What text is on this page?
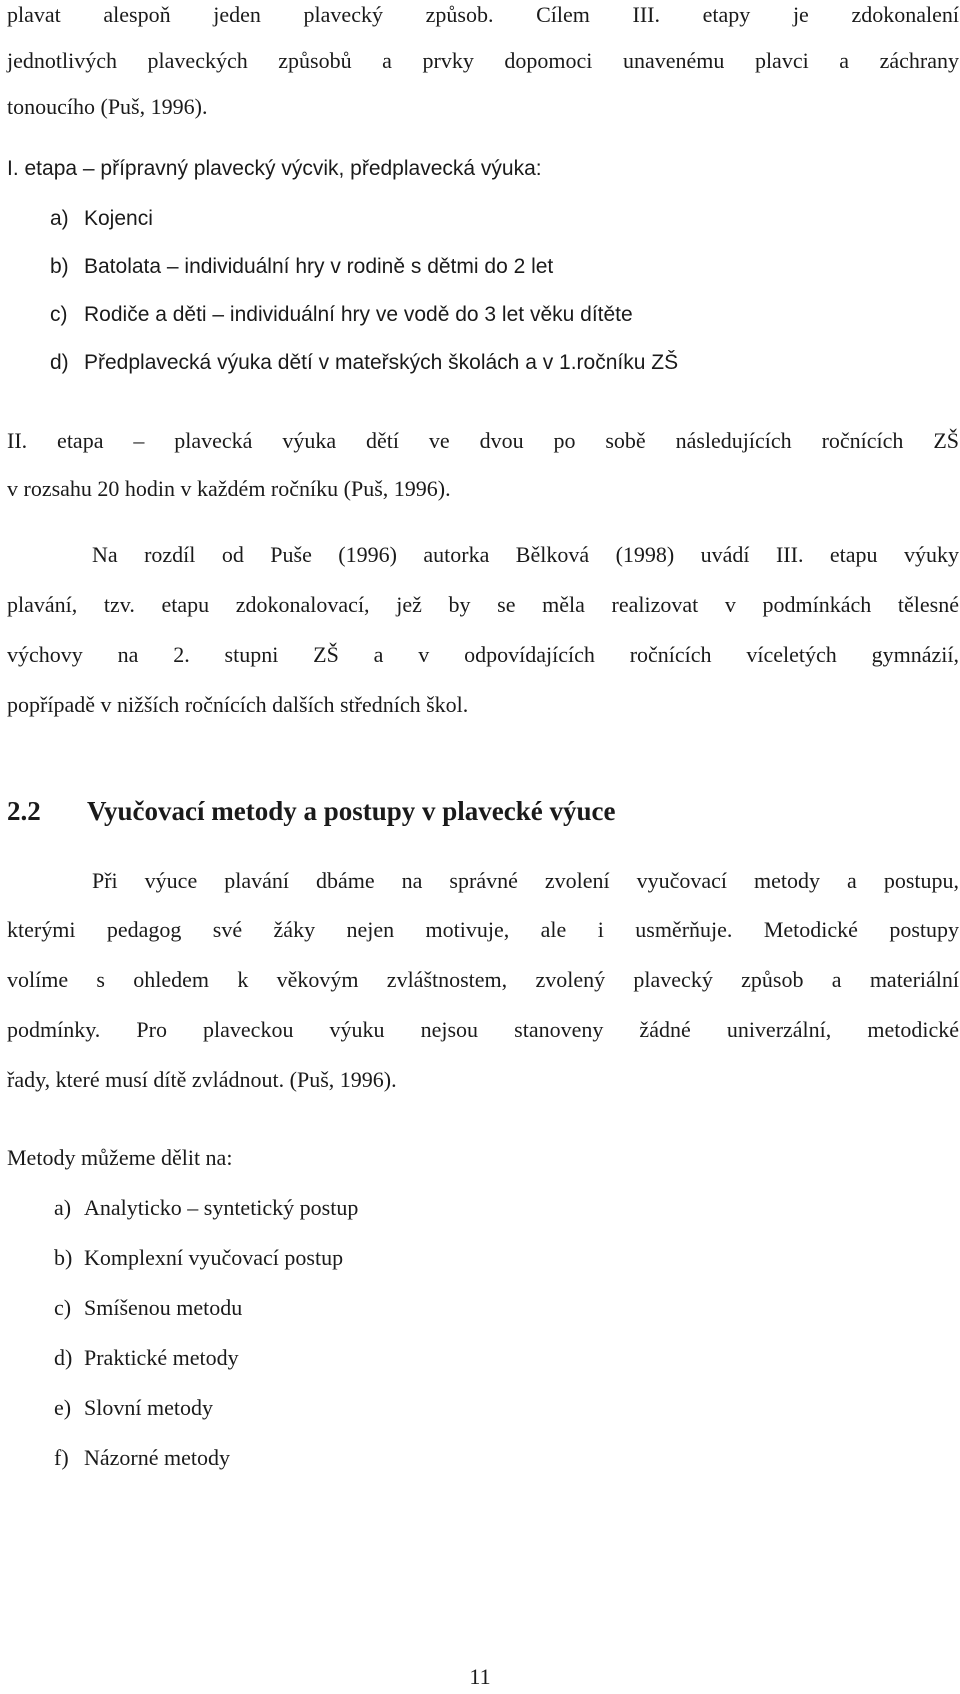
plavat alespoň jeden plavecký způsob. Cílem III. etapy je zdokonalení
jednotlivých plaveckých způsobů a prvky dopomoci unavenému plavci a záchrany
tonoucího (Puš, 1996).
I. etapa – přípravný plavecký výcvik, předplavecká výuka:
a) Kojenci
b) Batolata – individuální hry v rodině s dětmi do 2 let
c) Rodiče a děti – individuální hry ve vodě do 3 let věku dítěte
d) Předplavecká výuka dětí v mateřských školách a v 1.ročníku ZŠ
II. etapa – plavecká výuka dětí ve dvou po sobě následujících ročnících ZŠ
v rozsahu 20 hodin v každém ročníku (Puš, 1996).
Na rozdíl od Puše (1996) autorka Bělková (1998) uvádí III. etapu výuky
plavání, tzv. etapu zdokonalovací, jež by se měla realizovat v podmínkách tělesné
výchovy na 2. stupni ZŠ a v odpovídajících ročnících víceletých gymnázií,
popřípadě v nižších ročnících dalších středních škol.
2.2 Vyučovací metody a postupy v plavecké výuce
Při výuce plavání dbáme na správné zvolení vyučovací metody a postupu,
kterými pedagog své žáky nejen motivuje, ale i usměrňuje. Metodické postupy
volíme s ohledem k věkovým zvláštnostem, zvolený plavecký způsob a materiální
podmínky. Pro plaveckou výuku nejsou stanoveny žádné univerzální, metodické
řady, které musí dítě zvládnout. (Puš, 1996).
Metody můžeme dělit na:
a) Analyticko – syntetický postup
b) Komplexní vyučovací postup
c) Smíšenou metodu
d) Praktické metody
e) Slovní metody
f) Názorné metody
11
